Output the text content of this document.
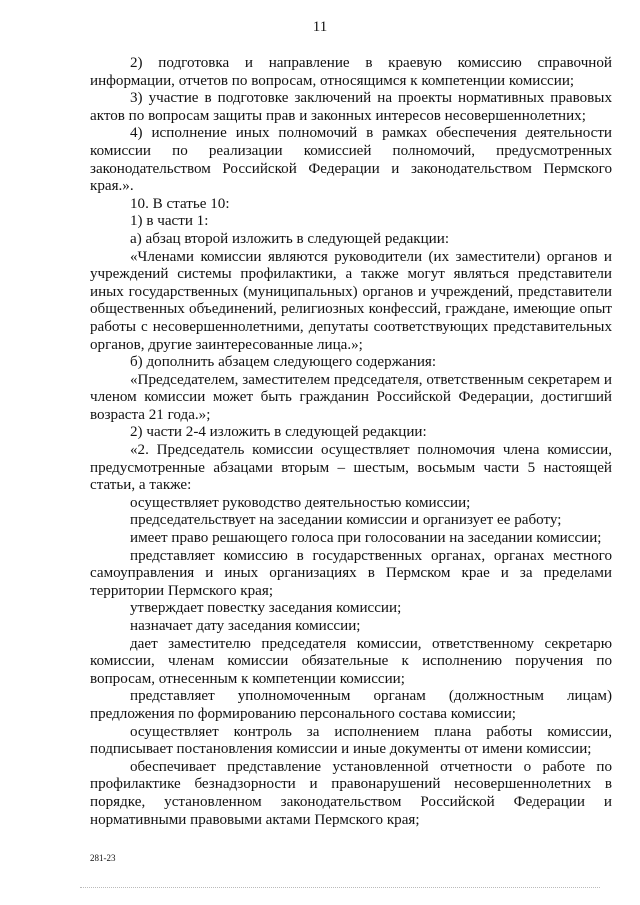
11

2) подготовка и направление в краевую комиссию справочной информации, отчетов по вопросам, относящимся к компетенции комиссии;

3) участие в подготовке заключений на проекты нормативных правовых актов по вопросам защиты прав и законных интересов несовершеннолетних;

4) исполнение иных полномочий в рамках обеспечения деятельности комиссии по реализации комиссией полномочий, предусмотренных законодательством Российской Федерации и законодательством Пермского края.».

10. В статье 10:

1) в части 1:

а) абзац второй изложить в следующей редакции:

«Членами комиссии являются руководители (их заместители) органов и учреждений системы профилактики, а также могут являться представители иных государственных (муниципальных) органов и учреждений, представители общественных объединений, религиозных конфессий, граждане, имеющие опыт работы с несовершеннолетними, депутаты соответствующих представительных органов, другие заинтересованные лица.»;

б) дополнить абзацем следующего содержания:

«Председателем, заместителем председателя, ответственным секретарем и членом комиссии может быть гражданин Российской Федерации, достигший возраста 21 года.»;

2) части 2-4 изложить в следующей редакции:

«2. Председатель комиссии осуществляет полномочия члена комиссии, предусмотренные абзацами вторым – шестым, восьмым части 5 настоящей статьи, а также:

осуществляет руководство деятельностью комиссии;

председательствует на заседании комиссии и организует ее работу;

имеет право решающего голоса при голосовании на заседании комиссии;

представляет комиссию в государственных органах, органах местного самоуправления и иных организациях в Пермском крае и за пределами территории Пермского края;

утверждает повестку заседания комиссии;

назначает дату заседания комиссии;

дает заместителю председателя комиссии, ответственному секретарю комиссии, членам комиссии обязательные к исполнению поручения по вопросам, отнесенным к компетенции комиссии;

представляет уполномоченным органам (должностным лицам) предложения по формированию персонального состава комиссии;

осуществляет контроль за исполнением плана работы комиссии, подписывает постановления комиссии и иные документы от имени комиссии;

обеспечивает представление установленной отчетности о работе по профилактике безнадзорности и правонарушений несовершеннолетних в порядке, установленном законодательством Российской Федерации и нормативными правовыми актами Пермского края;

281-23
